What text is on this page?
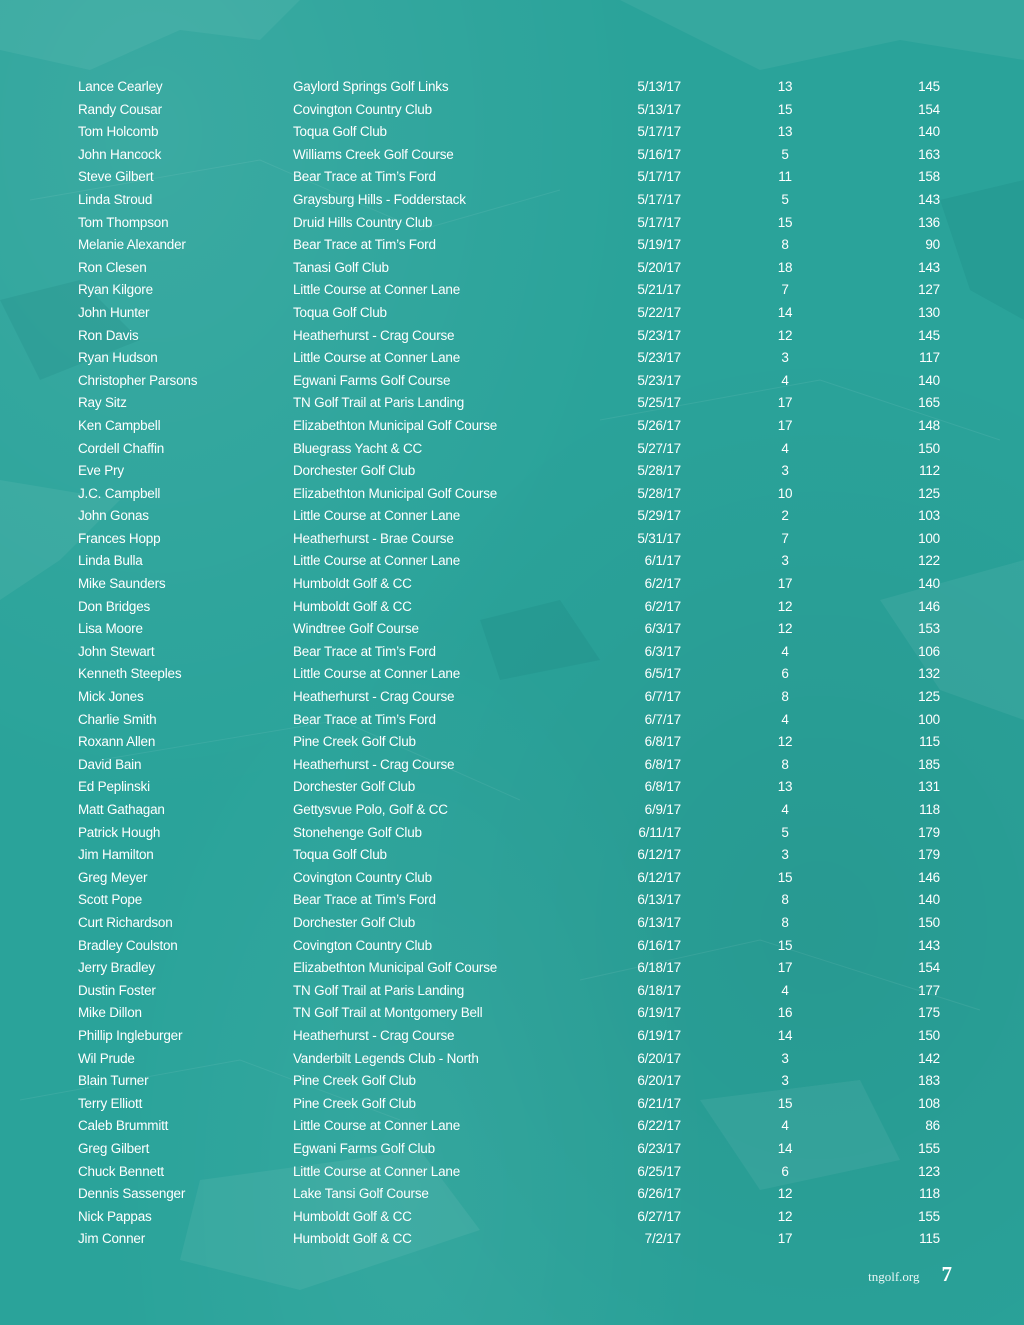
Lance Cearley	Gaylord Springs Golf Links	5/13/17	13	145
Randy Cousar	Covington Country Club	5/13/17	15	154
Tom Holcomb	Toqua Golf Club	5/17/17	13	140
John Hancock	Williams Creek Golf Course	5/16/17	5	163
Steve Gilbert	Bear Trace at Tim’s Ford	5/17/17	11	158
Linda Stroud	Graysburg Hills - Fodderstack	5/17/17	5	143
Tom Thompson	Druid Hills Country Club	5/17/17	15	136
Melanie Alexander	Bear Trace at Tim’s Ford	5/19/17	8	90
Ron Clesen	Tanasi Golf Club	5/20/17	18	143
Ryan Kilgore	Little Course at Conner Lane	5/21/17	7	127
John Hunter	Toqua Golf Club	5/22/17	14	130
Ron Davis	Heatherhurst - Crag Course	5/23/17	12	145
Ryan Hudson	Little Course at Conner Lane	5/23/17	3	117
Christopher Parsons	Egwani Farms Golf Course	5/23/17	4	140
Ray Sitz	TN Golf Trail at Paris Landing	5/25/17	17	165
Ken Campbell	Elizabethton Municipal Golf Course	5/26/17	17	148
Cordell Chaffin	Bluegrass Yacht & CC	5/27/17	4	150
Eve Pry	Dorchester Golf Club	5/28/17	3	112
J.C. Campbell	Elizabethton Municipal Golf Course	5/28/17	10	125
John Gonas	Little Course at Conner Lane	5/29/17	2	103
Frances Hopp	Heatherhurst - Brae Course	5/31/17	7	100
Linda Bulla	Little Course at Conner Lane	6/1/17	3	122
Mike Saunders	Humboldt Golf & CC	6/2/17	17	140
Don Bridges	Humboldt Golf & CC	6/2/17	12	146
Lisa Moore	Windtree Golf Course	6/3/17	12	153
John Stewart	Bear Trace at Tim’s Ford	6/3/17	4	106
Kenneth Steeples	Little Course at Conner Lane	6/5/17	6	132
Mick Jones	Heatherhurst - Crag Course	6/7/17	8	125
Charlie Smith	Bear Trace at Tim’s Ford	6/7/17	4	100
Roxann Allen	Pine Creek Golf Club	6/8/17	12	115
David Bain	Heatherhurst - Crag Course	6/8/17	8	185
Ed Peplinski	Dorchester Golf Club	6/8/17	13	131
Matt Gathagan	Gettysvue Polo, Golf & CC	6/9/17	4	118
Patrick Hough	Stonehenge Golf Club	6/11/17	5	179
Jim Hamilton	Toqua Golf Club	6/12/17	3	179
Greg Meyer	Covington Country Club	6/12/17	15	146
Scott Pope	Bear Trace at Tim’s Ford	6/13/17	8	140
Curt Richardson	Dorchester Golf Club	6/13/17	8	150
Bradley Coulston	Covington Country Club	6/16/17	15	143
Jerry Bradley	Elizabethton Municipal Golf Course	6/18/17	17	154
Dustin Foster	TN Golf Trail at Paris Landing	6/18/17	4	177
Mike Dillon	TN Golf Trail at Montgomery Bell	6/19/17	16	175
Phillip Ingleburger	Heatherhurst - Crag Course	6/19/17	14	150
Wil Prude	Vanderbilt Legends Club - North	6/20/17	3	142
Blain Turner	Pine Creek Golf Club	6/20/17	3	183
Terry Elliott	Pine Creek Golf Club	6/21/17	15	108
Caleb Brummitt	Little Course at Conner Lane	6/22/17	4	86
Greg Gilbert	Egwani Farms Golf Club	6/23/17	14	155
Chuck Bennett	Little Course at Conner Lane	6/25/17	6	123
Dennis Sassenger	Lake Tansi Golf Course	6/26/17	12	118
Nick Pappas	Humboldt Golf & CC	6/27/17	12	155
Jim Conner	Humboldt Golf & CC	7/2/17	17	115
tngolf.org 7
